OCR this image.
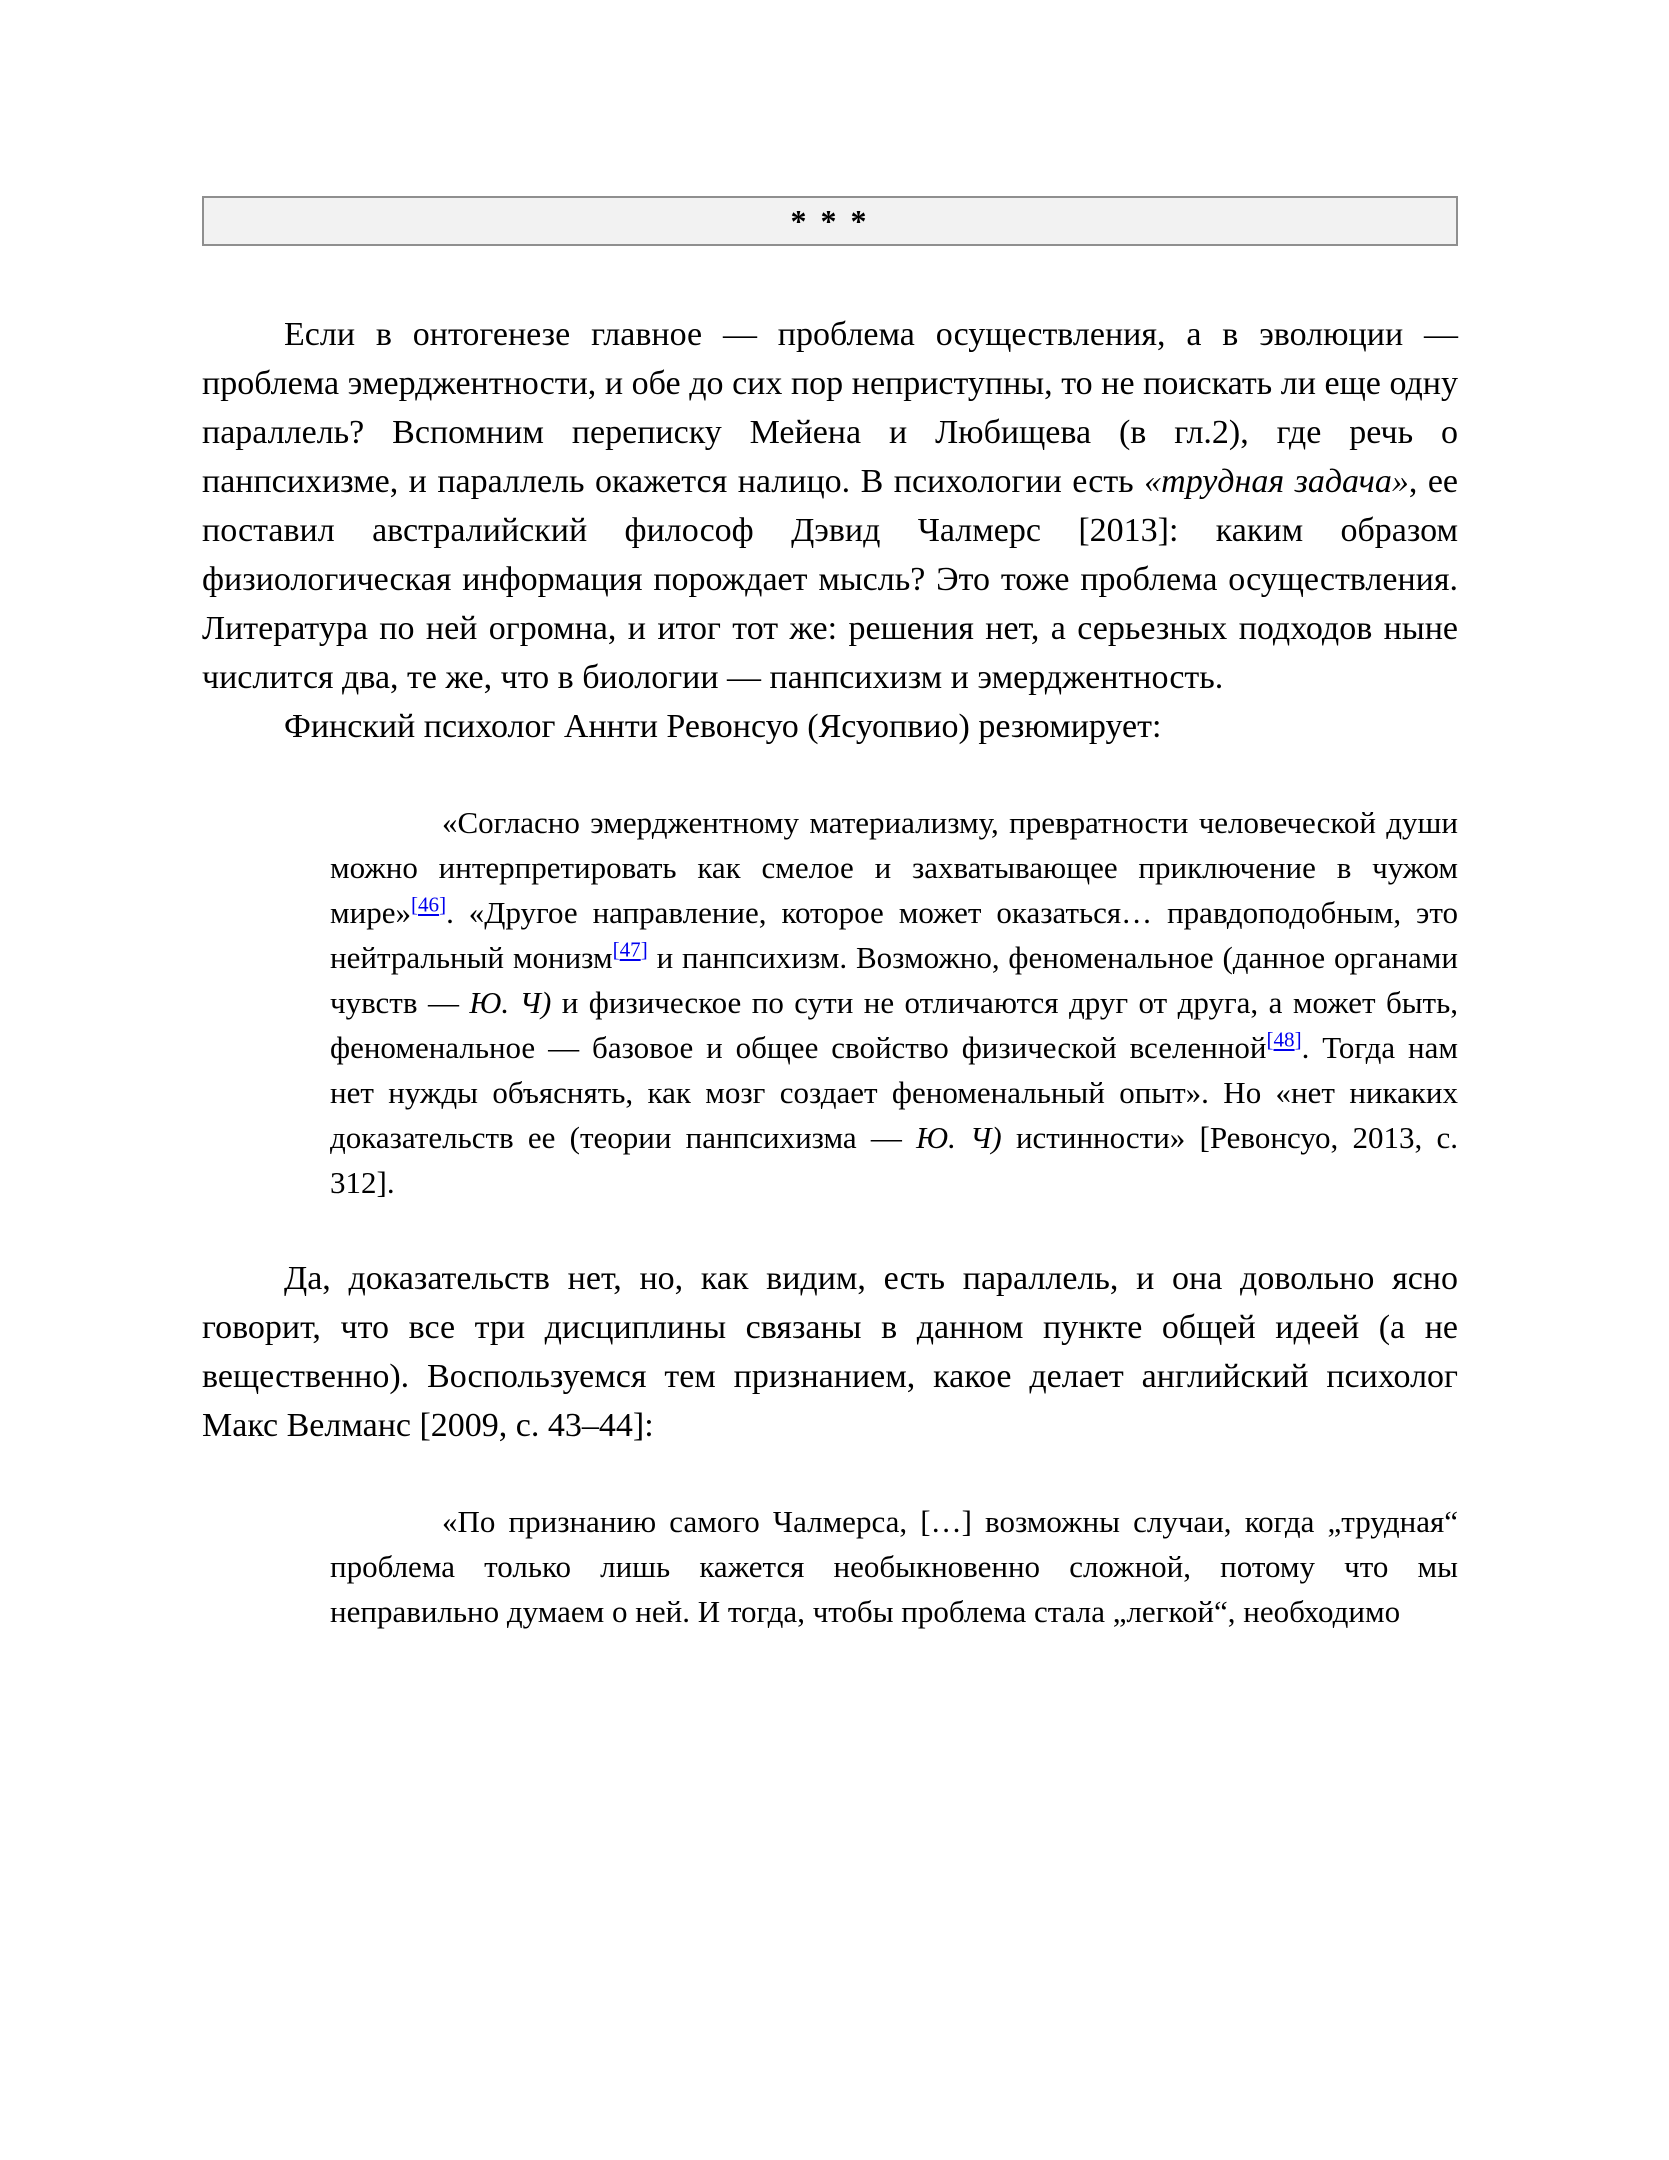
* * *

Если в онтогенезе главное — проблема осуществления, а в эволюции — проблема эмерджентности, и обе до сих пор неприступны, то не поискать ли еще одну параллель? Вспомним переписку Мейена и Любищева (в гл.2), где речь о панпсихизме, и параллель окажется налицо. В психологии есть «трудная задача», ее поставил австралийский философ Дэвид Чалмерс [2013]: каким образом физиологическая информация порождает мысль? Это тоже проблема осуществления. Литература по ней огромна, и итог тот же: решения нет, а серьезных подходов ныне числится два, те же, что в биологии — панпсихизм и эмерджентность.

Финский психолог Аннти Ревонсуо (Ясуопвио) резюмирует:

«Согласно эмерджентному материализму, превратности человеческой души можно интерпретировать как смелое и захватывающее приключение в чужом мире»[46]. «Другое направление, которое может оказаться… правдоподобным, это нейтральный монизм[47] и панпсихизм. Возможно, феноменальное (данное органами чувств — Ю. Ч) и физическое по сути не отличаются друг от друга, а может быть, феноменальное — базовое и общее свойство физической вселенной[48]. Тогда нам нет нужды объяснять, как мозг создает феноменальный опыт». Но «нет никаких доказательств ее (теории панпсихизма — Ю. Ч) истинности» [Ревонсуо, 2013, с. 312].

Да, доказательств нет, но, как видим, есть параллель, и она довольно ясно говорит, что все три дисциплины связаны в данном пункте общей идеей (а не вещественно). Воспользуемся тем признанием, какое делает английский психолог Макс Велманс [2009, с. 43–44]:

«По признанию самого Чалмерса, […] возможны случаи, когда „трудная“ проблема только лишь кажется необыкновенно сложной, потому что мы неправильно думаем о ней. И тогда, чтобы проблема стала „легкой“, необходимо
